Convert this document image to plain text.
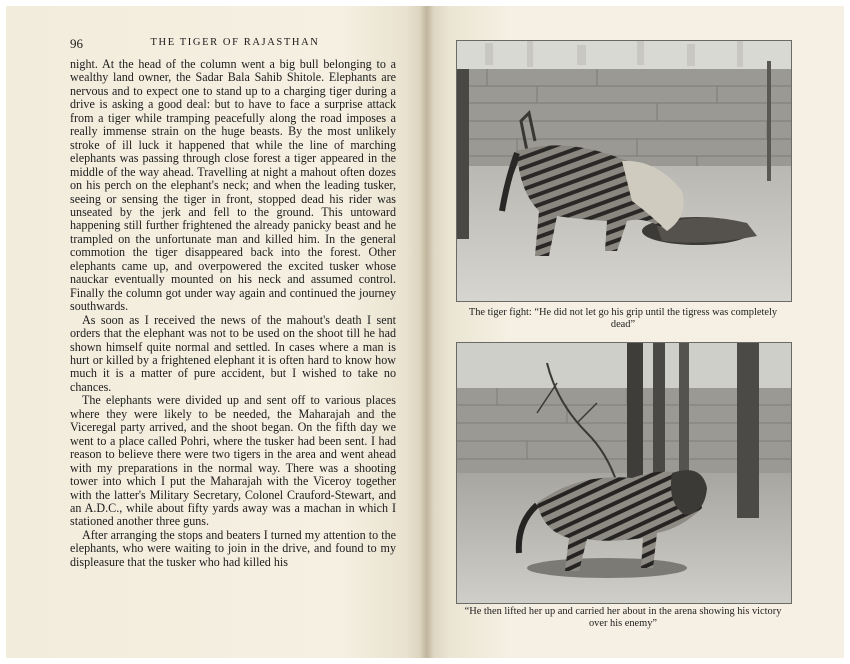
96	THE TIGER OF RAJASTHAN

night. At the head of the column went a big bull belonging to a wealthy land owner, the Sadar Bala Sahib Shitole. Elephants are nervous and to expect one to stand up to a charging tiger during a drive is asking a good deal: but to have to face a surprise attack from a tiger while tramping peacefully along the road imposes a really immense strain on the huge beasts. By the most unlikely stroke of ill luck it happened that while the line of marching elephants was passing through close forest a tiger appeared in the middle of the way ahead. Travelling at night a mahout often dozes on his perch on the elephant's neck; and when the leading tusker, seeing or sensing the tiger in front, stopped dead his rider was unseated by the jerk and fell to the ground. This untoward happening still further frightened the already panicky beast and he trampled on the unfortunate man and killed him. In the general commotion the tiger disappeared back into the forest. Other elephants came up, and overpowered the excited tusker whose nauckar eventually mounted on his neck and assumed control. Finally the column got under way again and continued the journey southwards.

As soon as I received the news of the mahout's death I sent orders that the elephant was not to be used on the shoot till he had shown himself quite normal and settled. In cases where a man is hurt or killed by a frightened elephant it is often hard to know how much it is a matter of pure accident, but I wished to take no chances.

The elephants were divided up and sent off to various places where they were likely to be needed, the Maharajah and the Viceregal party arrived, and the shoot began. On the fifth day we went to a place called Pohri, where the tusker had been sent. I had reason to believe there were two tigers in the area and went ahead with my preparations in the normal way. There was a shooting tower into which I put the Maharajah with the Viceroy together with the latter's Military Secretary, Colonel Crauford-Stewart, and an A.D.C., while about fifty yards away was a machan in which I stationed another three guns.

After arranging the stops and beaters I turned my attention to the elephants, who were waiting to join in the drive, and found to my displeasure that the tusker who had killed his

The tiger fight: “He did not let go his grip until the tigress was completely dead”
“He then lifted her up and carried her about in the arena showing his victory over his enemy”
